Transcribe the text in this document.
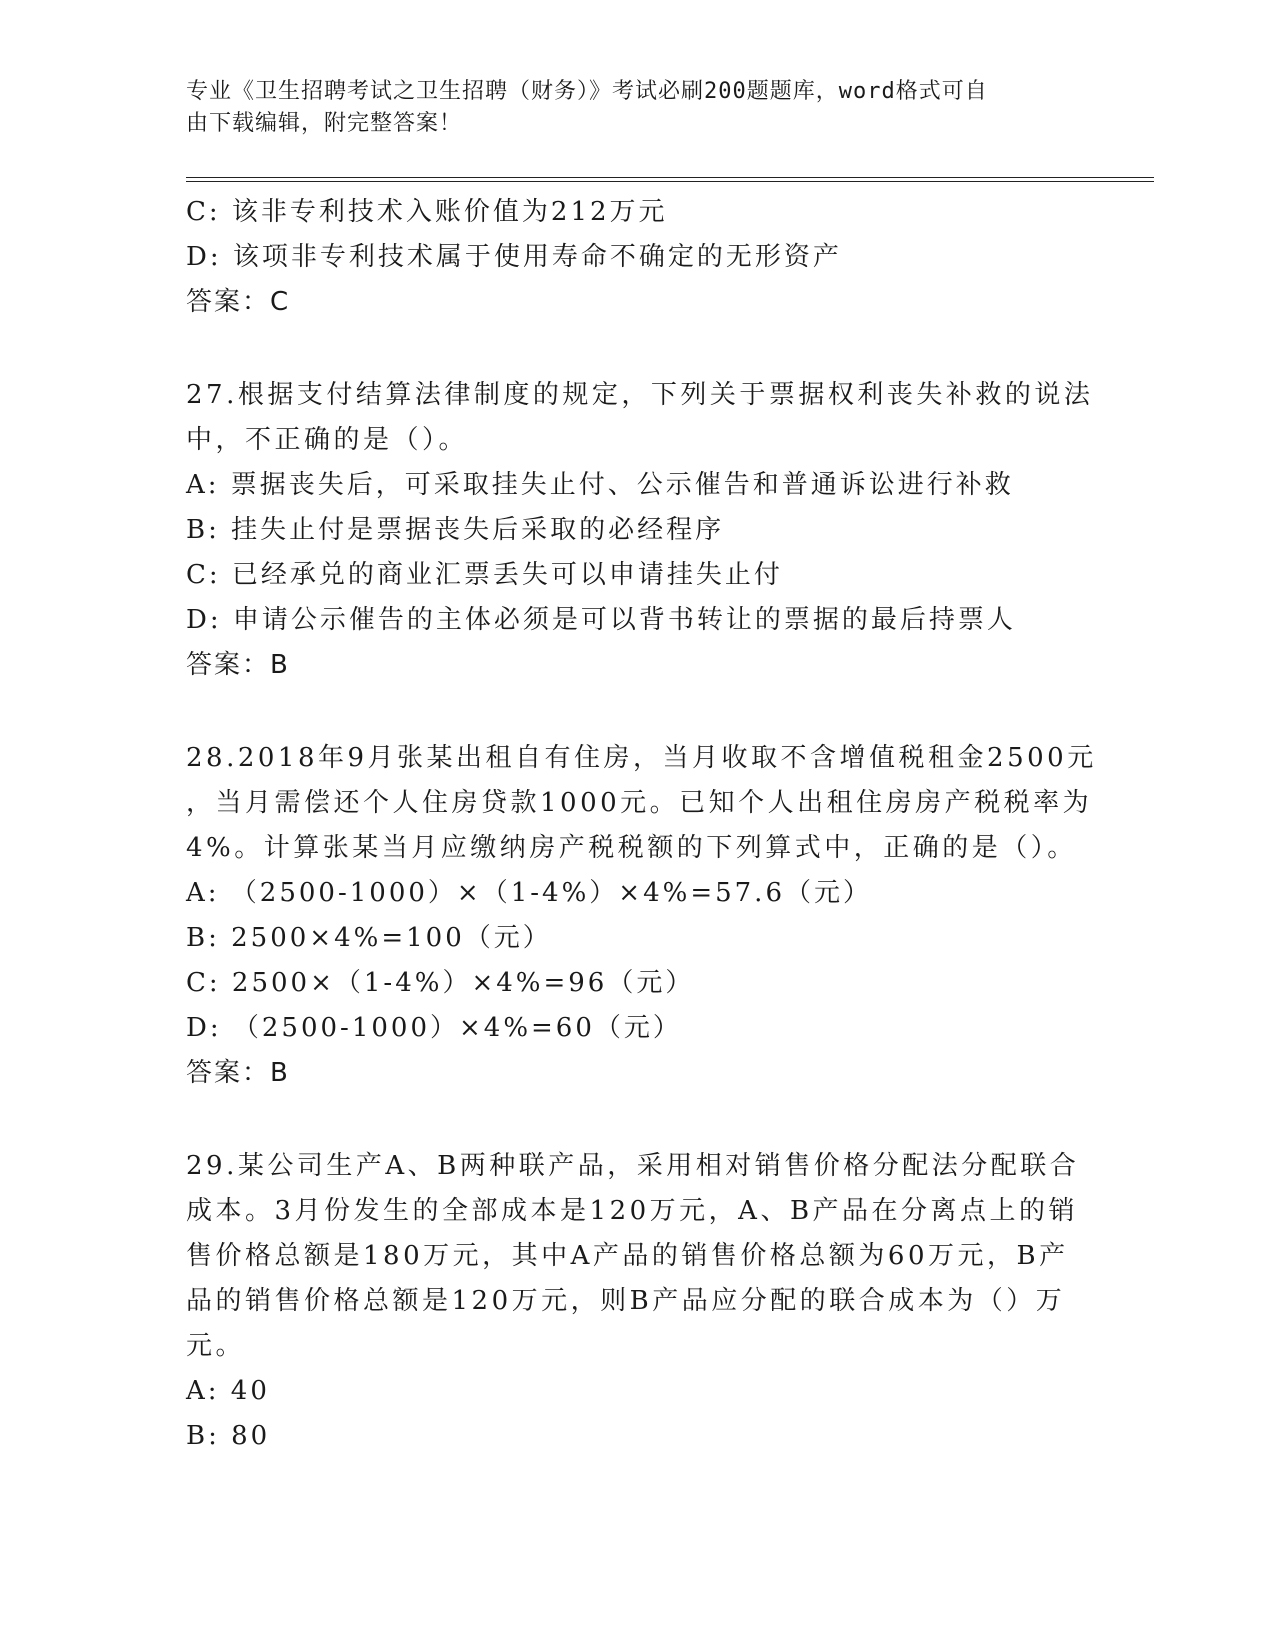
专业《卫生招聘考试之卫生招聘（财务）》考试必刷200题题库，word格式可自
由下载编辑，附完整答案！
C: 该非专利技术入账价值为212万元
D: 该项非专利技术属于使用寿命不确定的无形资产
答案：C
27.根据支付结算法律制度的规定，下列关于票据权利丧失补救的说法
中，不正确的是（）。
A: 票据丧失后，可采取挂失止付、公示催告和普通诉讼进行补救
B: 挂失止付是票据丧失后采取的必经程序
C: 已经承兑的商业汇票丢失可以申请挂失止付
D: 申请公示催告的主体必须是可以背书转让的票据的最后持票人
答案：B
28.2018年9月张某出租自有住房，当月收取不含增值税租金2500元
，当月需偿还个人住房贷款1000元。已知个人出租住房房产税税率为
4%。计算张某当月应缴纳房产税税额的下列算式中，正确的是（）。
A: （2500-1000）×（1-4%）×4%=57.6（元）
B: 2500×4%=100（元）
C: 2500×（1-4%）×4%=96（元）
D: （2500-1000）×4%=60（元）
答案：B
29.某公司生产A、B两种联产品，采用相对销售价格分配法分配联合
成本。3月份发生的全部成本是120万元，A、B产品在分离点上的销
售价格总额是180万元，其中A产品的销售价格总额为60万元，B产
品的销售价格总额是120万元，则B产品应分配的联合成本为（）万
元。
A: 40
B: 80
